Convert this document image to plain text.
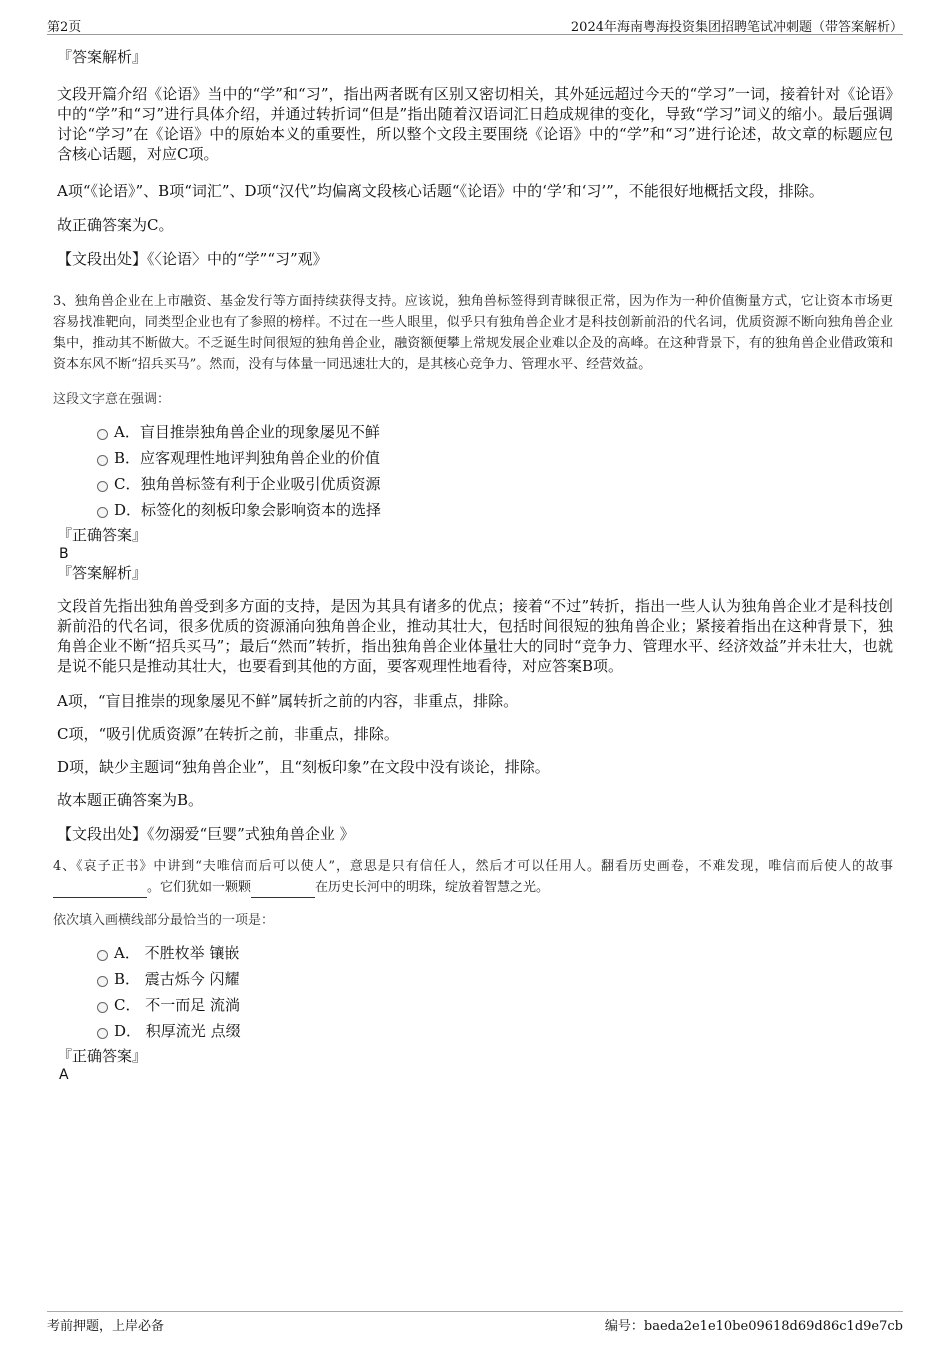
第2页	2024年海南粤海投资集团招聘笔试冲刺题（带答案解析）

『答案解析』

文段开篇介绍《论语》当中的“学”和“习”，指出两者既有区别又密切相关，其外延远超过今天的“学习”一词，接着针对《论语》中的“学”和“习”进行具体介绍，并通过转折词“但是”指出随着汉语词汇日趋成规律的变化，导致“学习”词义的缩小。最后强调讨论“学习”在《论语》中的原始本义的重要性，所以整个文段主要围绕《论语》中的“学”和“习”进行论述，故文章的标题应包含核心话题，对应C项。

A项“《论语》”、B项“词汇”、D项“汉代”均偏离文段核心话题“《论语》中的‘学’和‘习’”，不能很好地概括文段，排除。

故正确答案为C。

【文段出处】《〈论语〉中的“学”“习”观》

3、独角兽企业在上市融资、基金发行等方面持续获得支持。应该说，独角兽标签得到青睐很正常，因为作为一种价值衡量方式，它让资本市场更容易找准靶向，同类型企业也有了参照的榜样。不过在一些人眼里，似乎只有独角兽企业才是科技创新前沿的代名词，优质资源不断向独角兽企业集中，推动其不断做大。不乏诞生时间很短的独角兽企业，融资额便攀上常规发展企业难以企及的高峰。在这种背景下，有的独角兽企业借政策和资本东风不断“招兵买马”。然而，没有与体量一同迅速壮大的，是其核心竞争力、管理水平、经营效益。

这段文字意在强调：

A．盲目推崇独角兽企业的现象屡见不鲜
B．应客观理性地评判独角兽企业的价值
C．独角兽标签有利于企业吸引优质资源
D．标签化的刻板印象会影响资本的选择

『正确答案』

B

『答案解析』

文段首先指出独角兽受到多方面的支持，是因为其具有诸多的优点；接着“不过”转折，指出一些人认为独角兽企业才是科技创新前沿的代名词，很多优质的资源涌向独角兽企业，推动其壮大，包括时间很短的独角兽企业；紧接着指出在这种背景下，独角兽企业不断“招兵买马”；最后“然而”转折，指出独角兽企业体量壮大的同时“竞争力、管理水平、经济效益”并未壮大，也就是说不能只是推动其壮大，也要看到其他的方面，要客观理性地看待，对应答案B项。

A项，“盲目推崇的现象屡见不鲜”属转折之前的内容，非重点，排除。

C项，“吸引优质资源”在转折之前，非重点，排除。

D项，缺少主题词“独角兽企业”，且“刻板印象”在文段中没有谈论，排除。

故本题正确答案为B。

【文段出处】《勿溺爱“巨婴”式独角兽企业 》

4、《哀子正书》中讲到“夫唯信而后可以使人”，意思是只有信任人，然后才可以任用人。翻看历史画卷，不难发现，唯信而后使人的故事。它们犹如一颗颗	在历史长河中的明珠，绽放着智慧之光。

依次填入画横线部分最恰当的一项是：

A． 不胜枚举 镶嵌
B． 震古烁今 闪耀
C． 不一而足 流淌
D． 积厚流光 点缀

『正确答案』

A

考前押题，上岸必备	编号：baeda2e1e10be09618d69d86c1d9e7cb
